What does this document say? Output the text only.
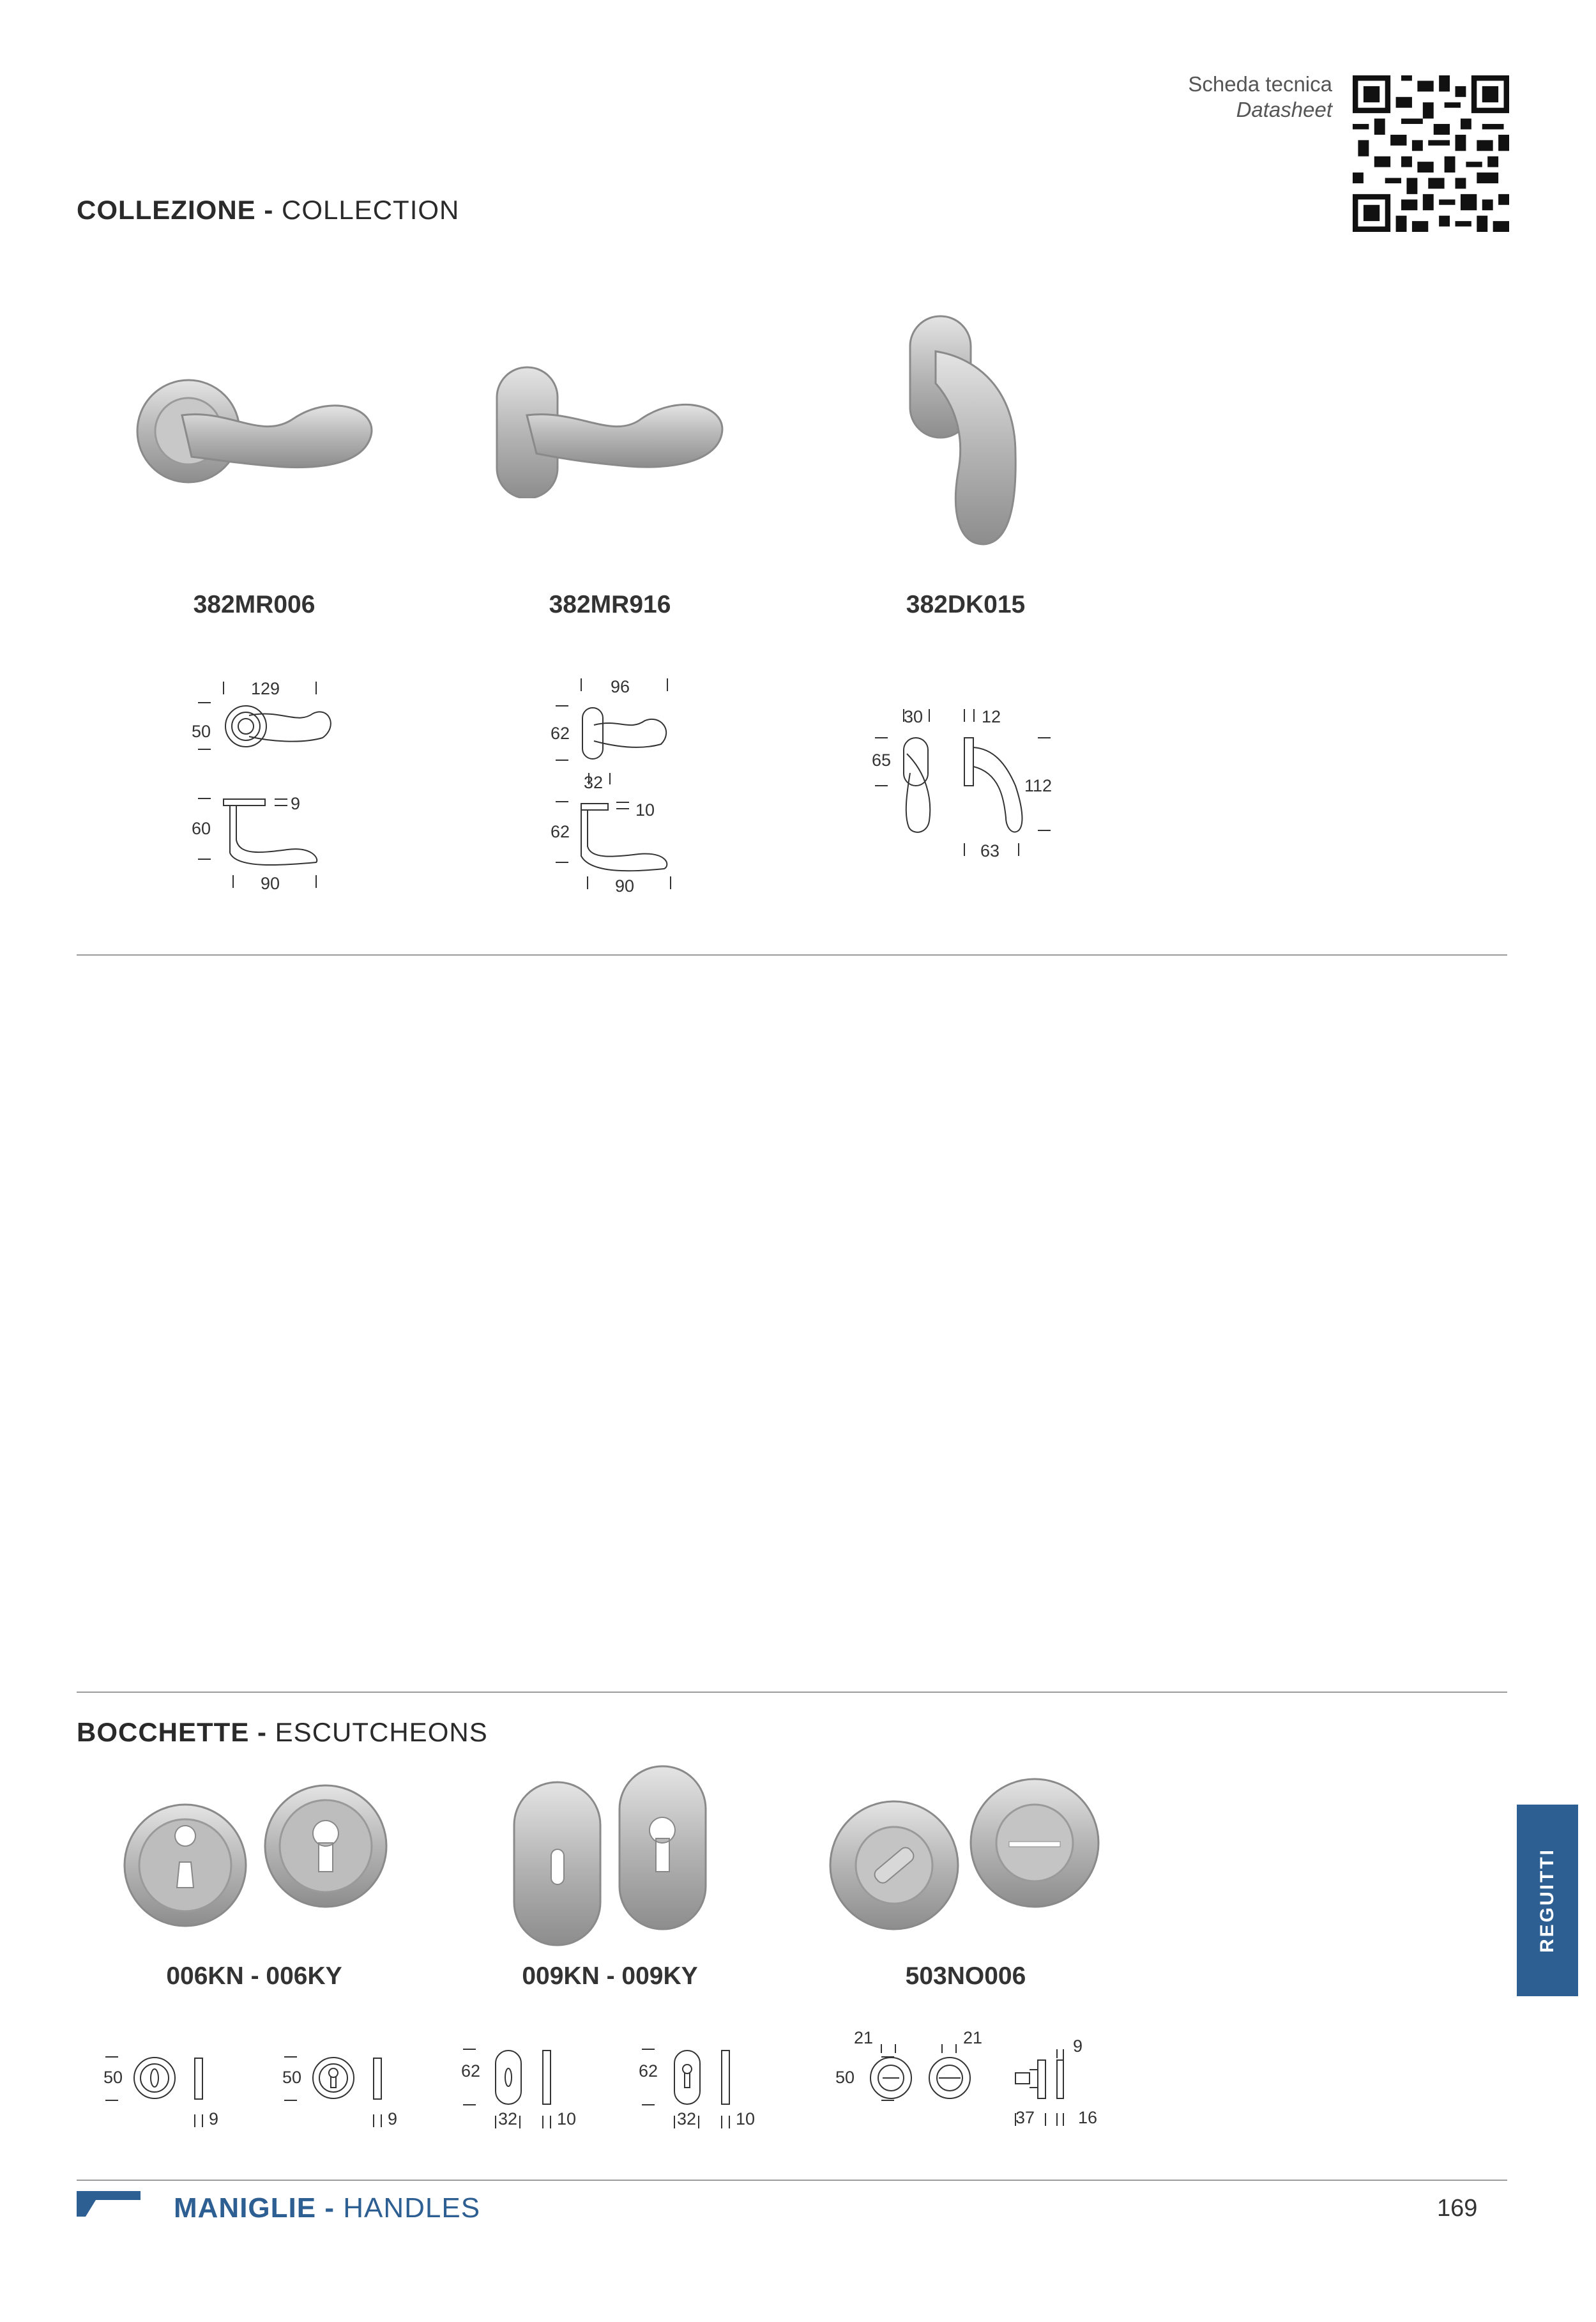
Scheda tecnica
Datasheet
COLLEZIONE - COLLECTION
382MR006	382MR916	382DK015
129
50
9
60
90
96
62
32
10
62
90
30	12
65
112
63
BOCCHETTE - ESCUTCHEONS
006KN - 006KY	009KN - 009KY	503NO006
50
9
50
9
62
32 10
62
32 10
50
21	21	9
37	16
REGUITTI
MANIGLIE - HANDLES	169
